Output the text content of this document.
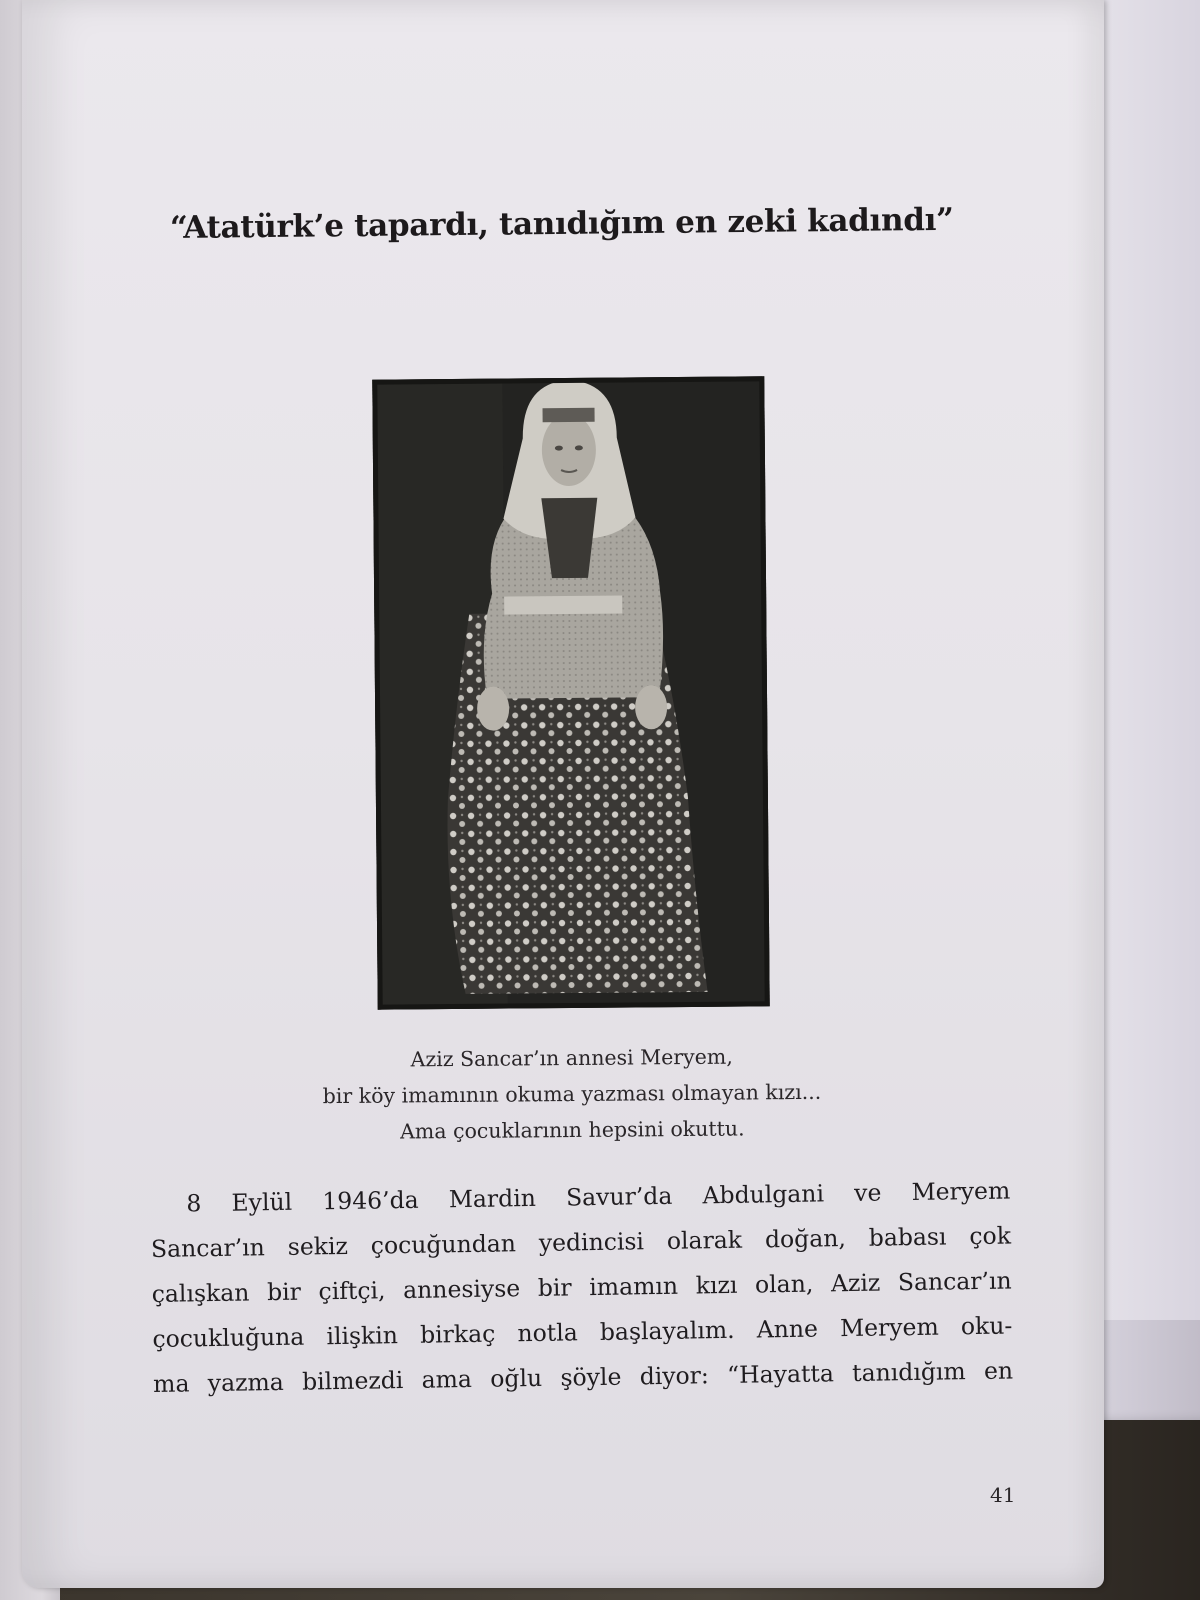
“Atatürk’e tapardı, tanıdığım en zeki kadındı”
Aziz Sancar’ın annesi Meryem,
bir köy imamının okuma yazması olmayan kızı...
Ama çocuklarının hepsini okuttu.
8 Eylül 1946’da Mardin Savur’da Abdulgani ve Meryem
Sancar’ın sekiz çocuğundan yedincisi olarak doğan, babası çok
çalışkan bir çiftçi, annesiyse bir imamın kızı olan, Aziz Sancar’ın
çocukluğuna ilişkin birkaç notla başlayalım. Anne Meryem oku-
ma yazma bilmezdi ama oğlu şöyle diyor: “Hayatta tanıdığım en
41
